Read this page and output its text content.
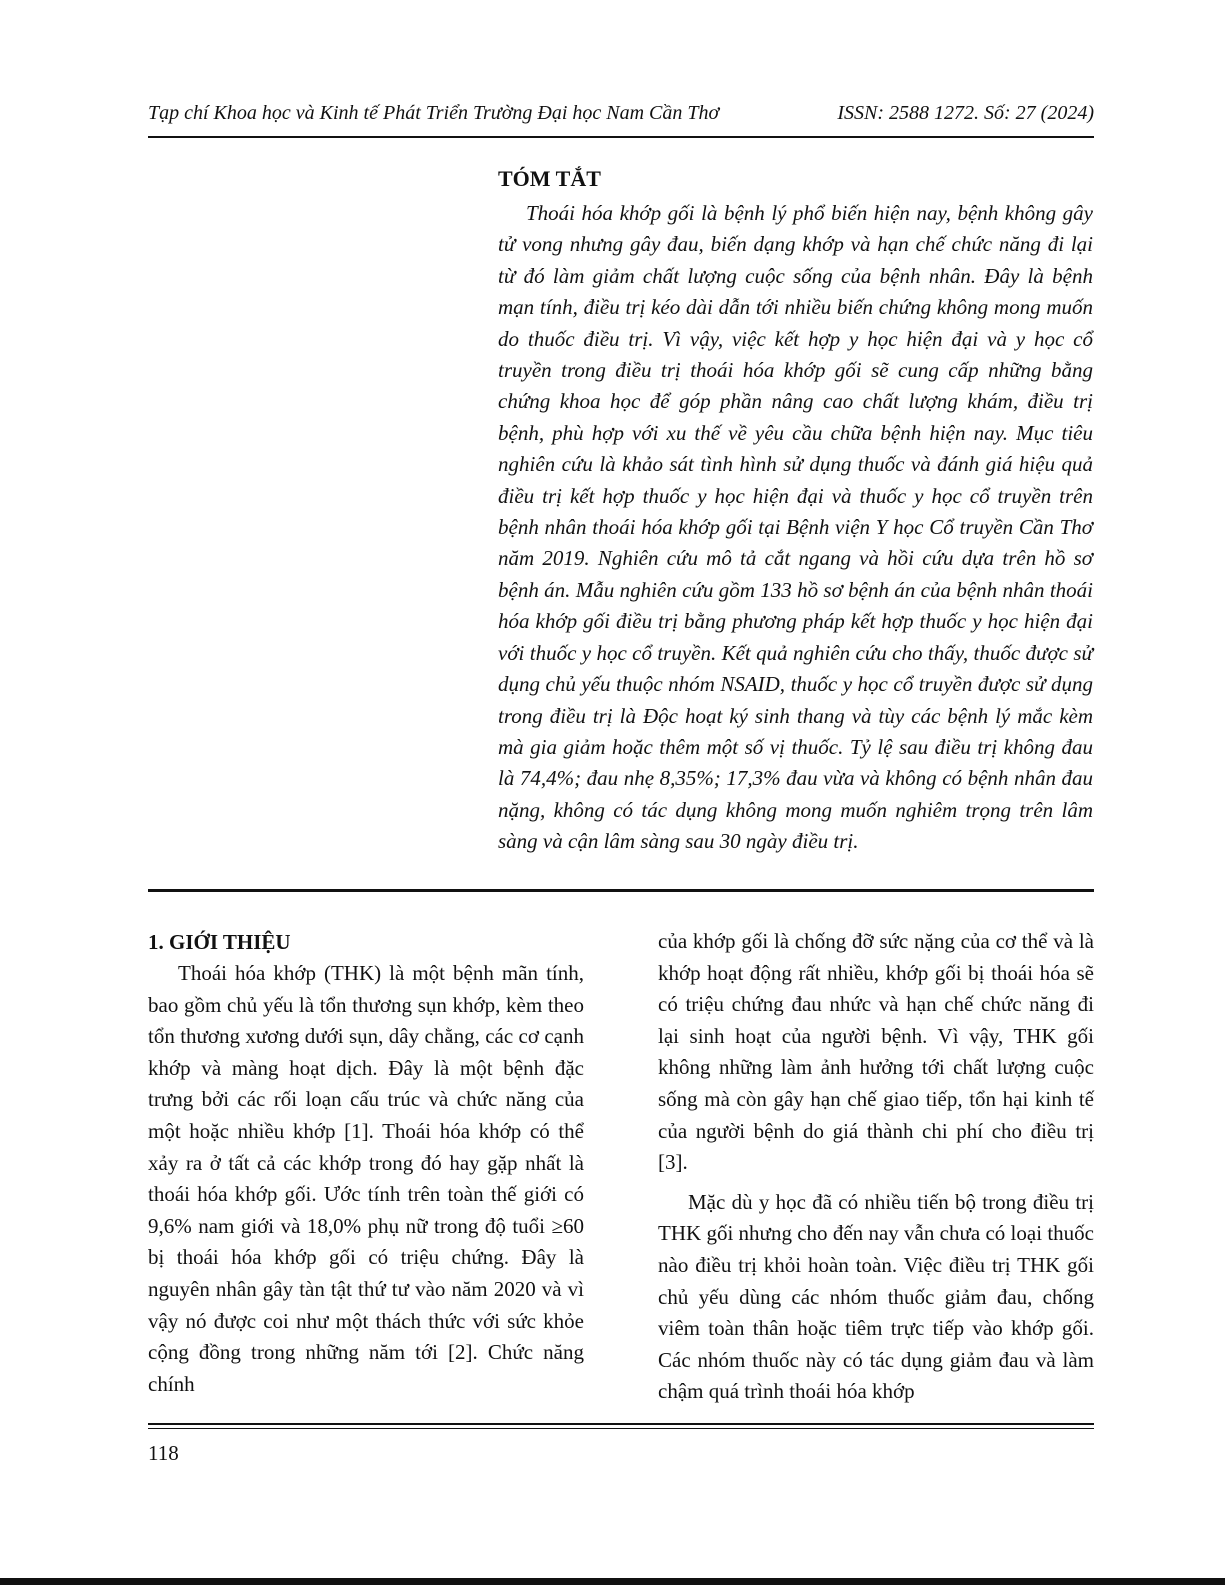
Tạp chí Khoa học và Kinh tế Phát Triển Trường Đại học Nam Cần Thơ	ISSN: 2588 1272. Số: 27 (2024)
TÓM TẮT

Thoái hóa khớp gối là bệnh lý phổ biến hiện nay, bệnh không gây tử vong nhưng gây đau, biến dạng khớp và hạn chế chức năng đi lại từ đó làm giảm chất lượng cuộc sống của bệnh nhân. Đây là bệnh mạn tính, điều trị kéo dài dẫn tới nhiều biến chứng không mong muốn do thuốc điều trị. Vì vậy, việc kết hợp y học hiện đại và y học cổ truyền trong điều trị thoái hóa khớp gối sẽ cung cấp những bằng chứng khoa học để góp phần nâng cao chất lượng khám, điều trị bệnh, phù hợp với xu thế về yêu cầu chữa bệnh hiện nay. Mục tiêu nghiên cứu là khảo sát tình hình sử dụng thuốc và đánh giá hiệu quả điều trị kết hợp thuốc y học hiện đại và thuốc y học cổ truyền trên bệnh nhân thoái hóa khớp gối tại Bệnh viện Y học Cổ truyền Cần Thơ năm 2019. Nghiên cứu mô tả cắt ngang và hồi cứu dựa trên hồ sơ bệnh án. Mẫu nghiên cứu gồm 133 hồ sơ bệnh án của bệnh nhân thoái hóa khớp gối điều trị bằng phương pháp kết hợp thuốc y học hiện đại với thuốc y học cổ truyền. Kết quả nghiên cứu cho thấy, thuốc được sử dụng chủ yếu thuộc nhóm NSAID, thuốc y học cổ truyền được sử dụng trong điều trị là Độc hoạt ký sinh thang và tùy các bệnh lý mắc kèm mà gia giảm hoặc thêm một số vị thuốc. Tỷ lệ sau điều trị không đau là 74,4%; đau nhẹ 8,35%; 17,3% đau vừa và không có bệnh nhân đau nặng, không có tác dụng không mong muốn nghiêm trọng trên lâm sàng và cận lâm sàng sau 30 ngày điều trị.

1. GIỚI THIỆU

Thoái hóa khớp (THK) là một bệnh mãn tính, bao gồm chủ yếu là tổn thương sụn khớp, kèm theo tổn thương xương dưới sụn, dây chằng, các cơ cạnh khớp và màng hoạt dịch. Đây là một bệnh đặc trưng bởi các rối loạn cấu trúc và chức năng của một hoặc nhiều khớp [1]. Thoái hóa khớp có thể xảy ra ở tất cả các khớp trong đó hay gặp nhất là thoái hóa khớp gối. Ước tính trên toàn thế giới có 9,6% nam giới và 18,0% phụ nữ trong độ tuổi ≥60 bị thoái hóa khớp gối có triệu chứng. Đây là nguyên nhân gây tàn tật thứ tư vào năm 2020 và vì vậy nó được coi như một thách thức với sức khỏe cộng đồng trong những năm tới [2]. Chức năng chính

của khớp gối là chống đỡ sức nặng của cơ thể và là khớp hoạt động rất nhiều, khớp gối bị thoái hóa sẽ có triệu chứng đau nhức và hạn chế chức năng đi lại sinh hoạt của người bệnh. Vì vậy, THK gối không những làm ảnh hưởng tới chất lượng cuộc sống mà còn gây hạn chế giao tiếp, tổn hại kinh tế của người bệnh do giá thành chi phí cho điều trị [3].

Mặc dù y học đã có nhiều tiến bộ trong điều trị THK gối nhưng cho đến nay vẫn chưa có loại thuốc nào điều trị khỏi hoàn toàn. Việc điều trị THK gối chủ yếu dùng các nhóm thuốc giảm đau, chống viêm toàn thân hoặc tiêm trực tiếp vào khớp gối. Các nhóm thuốc này có tác dụng giảm đau và làm chậm quá trình thoái hóa khớp

118
